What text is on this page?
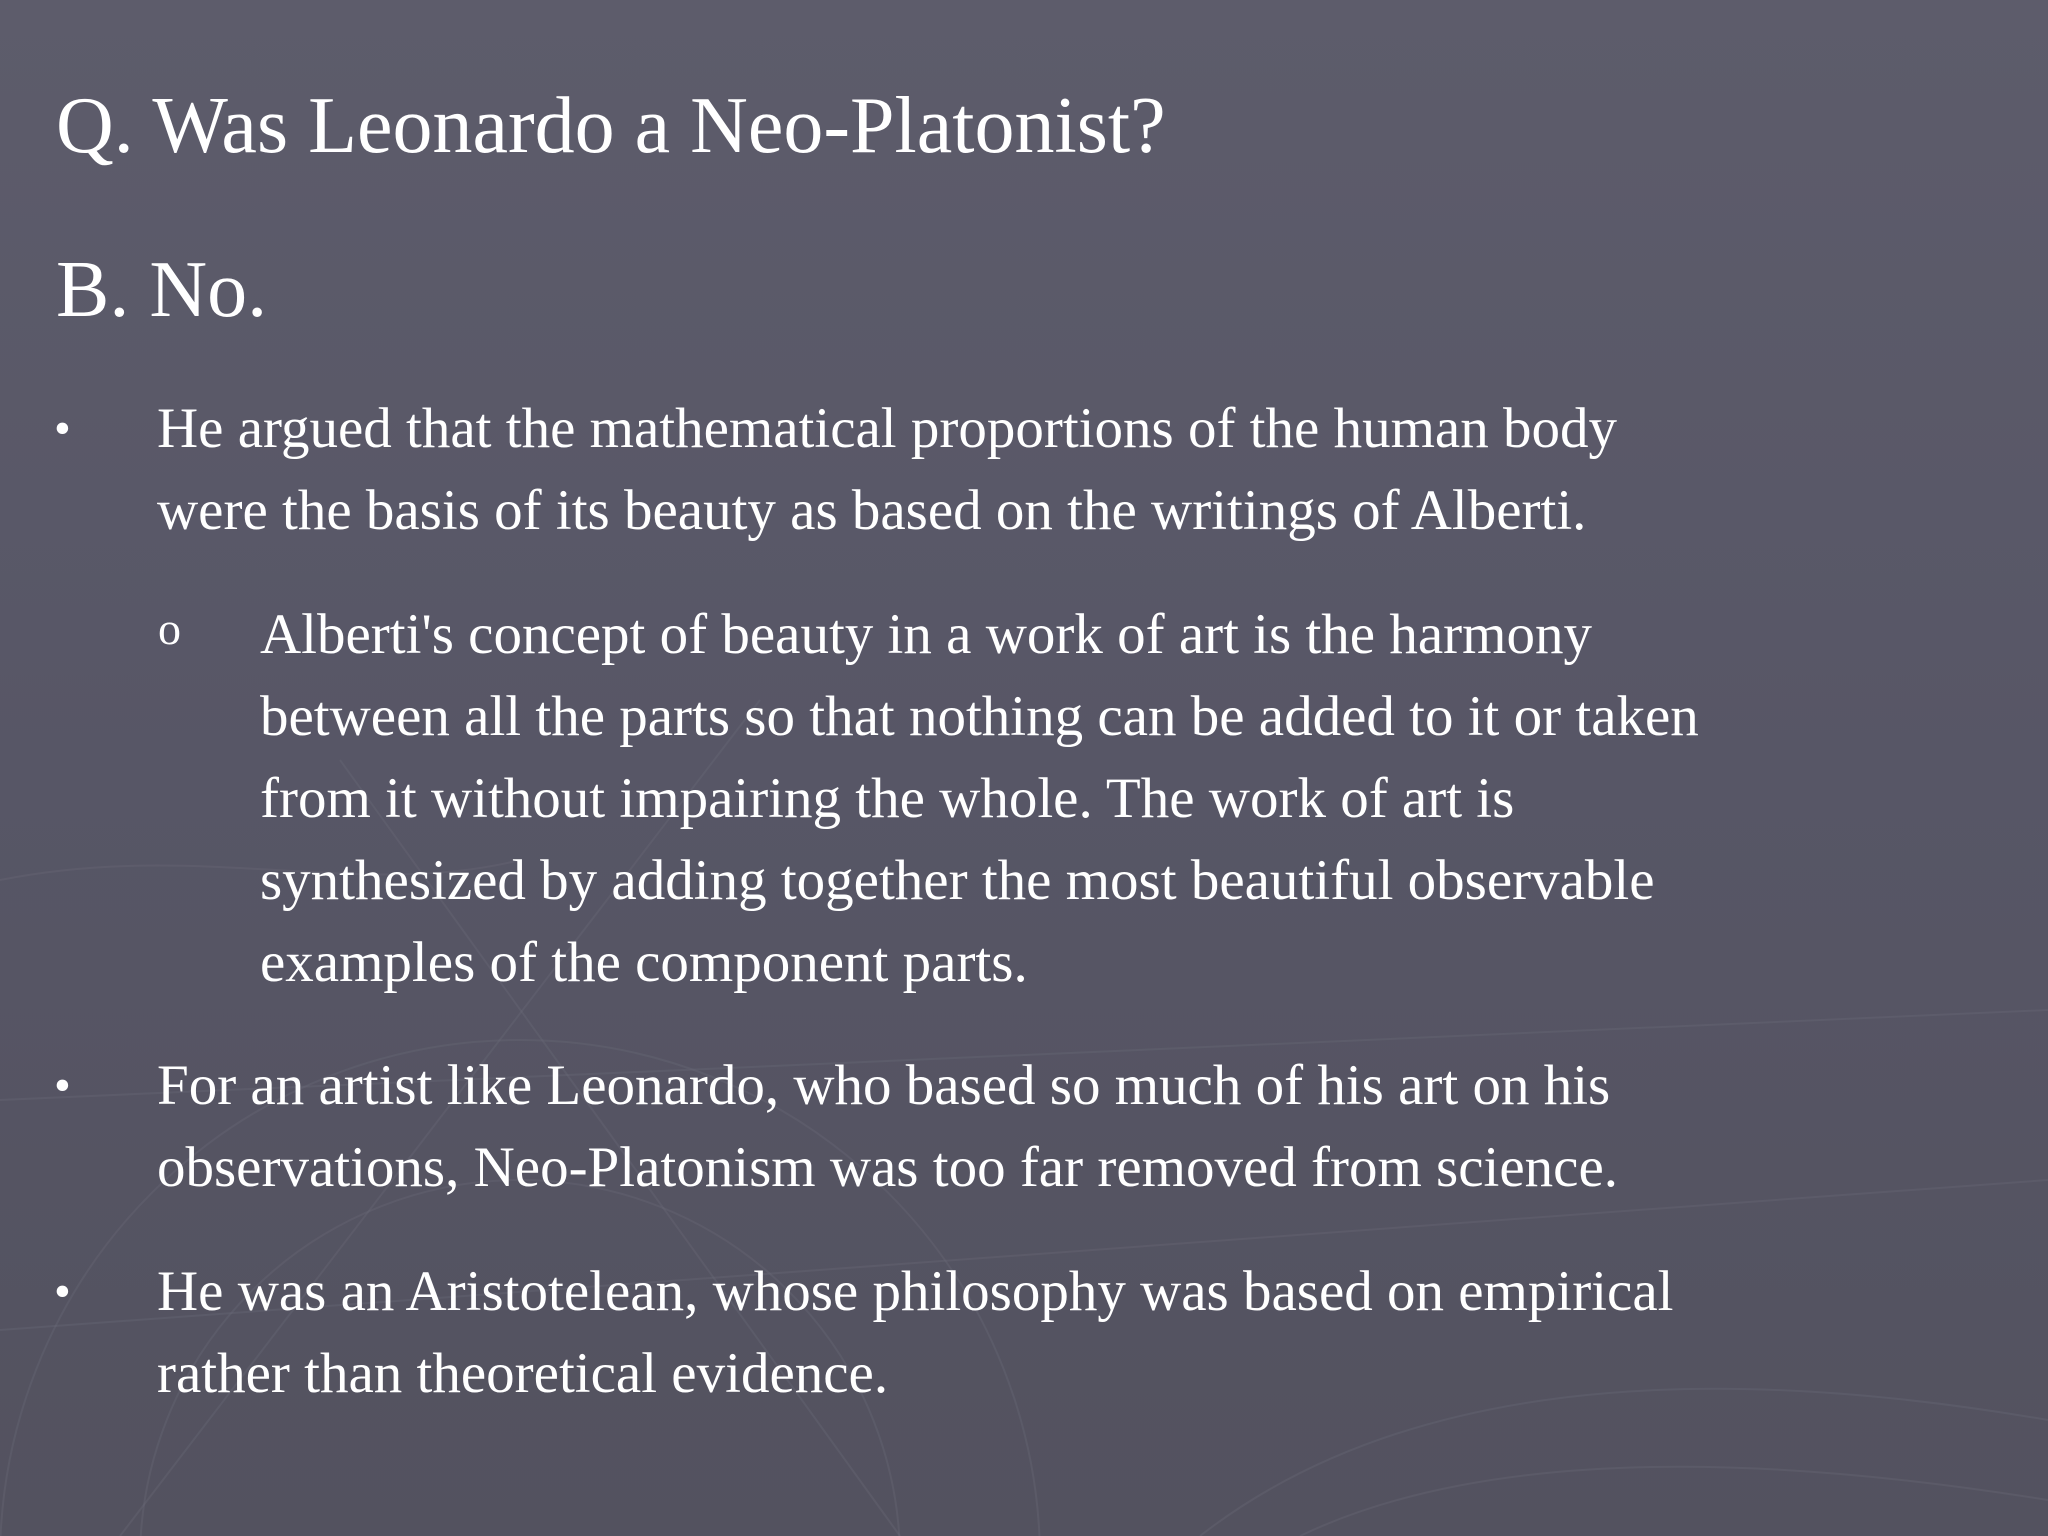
Q. Was Leonardo a Neo-Platonist?
B. No.
• He argued that the mathematical proportions of the human body
were the basis of its beauty as based on the writings of Alberti.
o Alberti's concept of beauty in a work of art is the harmony
between all the parts so that nothing can be added to it or taken
from it without impairing the whole. The work of art is
synthesized by adding together the most beautiful observable
examples of the component parts.
• For an artist like Leonardo, who based so much of his art on his
observations, Neo-Platonism was too far removed from science.
• He was an Aristotelean, whose philosophy was based on empirical
rather than theoretical evidence.
